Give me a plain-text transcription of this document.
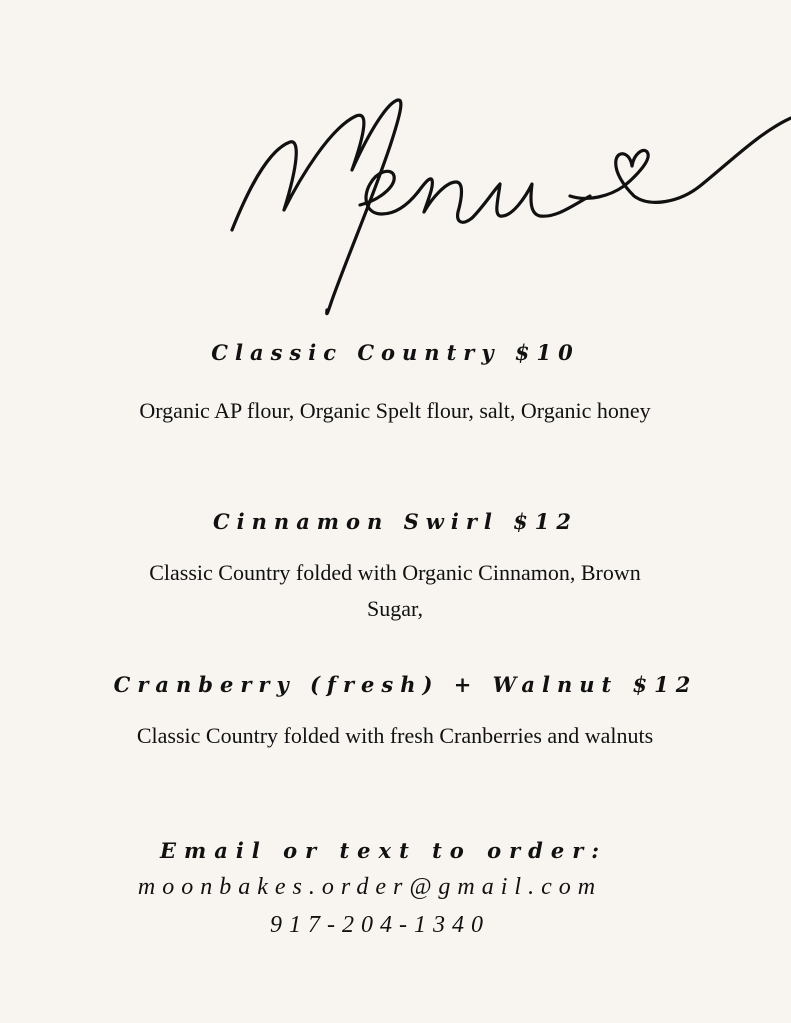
Classic Country $10

Organic AP flour, Organic Spelt flour, salt, Organic honey

Cinnamon Swirl $12

Classic Country folded with Organic Cinnamon, Brown Sugar,

Cranberry (fresh) + Walnut $12

Classic Country folded with fresh Cranberries and walnuts

Email or text to order:

moonbakes.order@gmail.com

917-204-1340
